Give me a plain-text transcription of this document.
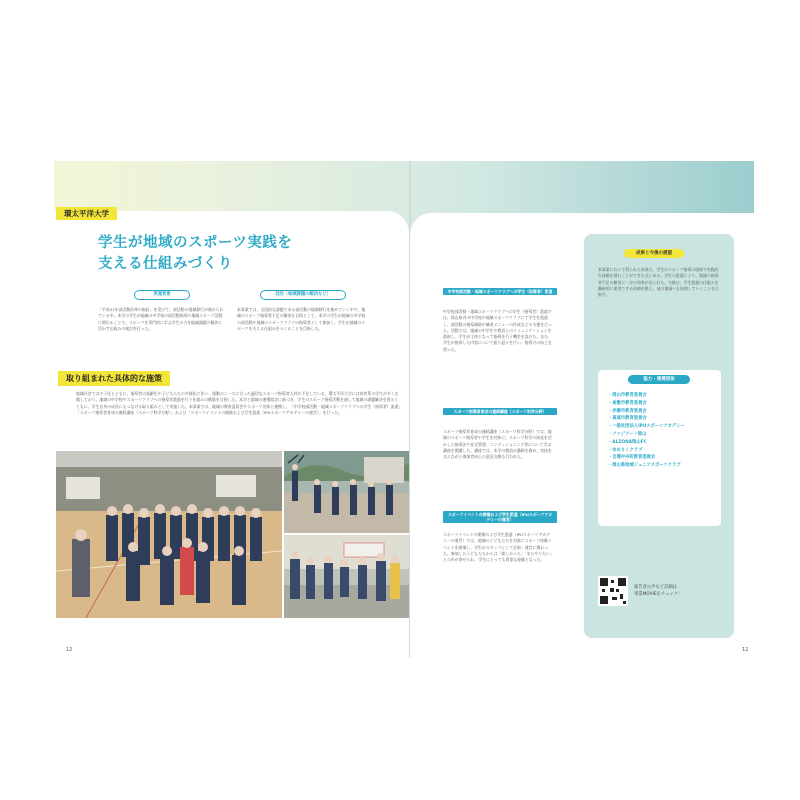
環太平洋大学
学生が地域のスポーツ実践を
支える仕組みづくり
実施背景	目的（地域課題の解決など）
「平成31年部活動改革の指針」を受けて、部活動の地域移行が進められている中、本学の学生が地域の中学校の部活動指導や地域スポーツ活動に関わることで、スポーツを専門的に学ぶ学生の力を地域課題の解決に活かす仕組みの検討を行った。
本事業では、全国的な課題である部活動の地域移行を進めていく中で、地域のスポーツ指導者不足の解消を目的として、本学の学生が地域の中学校の部活動や地域のスポーツクラブの指導者として参加し、学生が地域のスポーツを支える仕組みをつくることを目指した。
取り組まれた具体的な施策
地域社会では少子化とともに、指導者の高齢化や子どもたちの多様化に伴い、運動のニーズに合った適切なスポーツ指導者人材が不足している。環太平洋大学には体育系の学生が多く在籍しており、地域の中学校やスポーツクラブへの指導者派遣を行う仕組みの構築を目指した。本学と地域の連携協定に基づき、学生のスポーツ指導活動を通して地域の課題解決を図るとともに、学生自身の成長にもつなげる取り組みとして実施した。本事業では、地域の教育委員会やスポーツ団体と連携し、「中学校部活動・地域スポーツクラブへの学生（指導者）派遣」「スポーツ指導者育成の連続講座（スポーツ科学分野）」および「スポーツイベントの開催および学生派遣（IPUスポーツアカデミーの運営）」を行った。
12
中学校部活動・地域スポーツクラブへの学生（指導者）派遣
中学校部活動・地域スポーツクラブへの学生（指導者）派遣では、岡山県内の中学校や地域スポーツクラブにて学生を派遣し、部活動の指導補助や練習メニューの作成などの支援を行った。活動では、地域の中学生や教員とのコミュニケーションを重視し、学生が主体となって指導を行う機会を設けた。また、学生が指導した内容について振り返りを行い、指導力の向上を図った。
スポーツ指導者育成の連続講座（スポーツ科学分野）
スポーツ指導者育成の連続講座（スポーツ科学分野）では、地域のスポーツ指導者や学生を対象に、スポーツ科学の知見を活かした指導法や安全管理、コンディショニング等について学ぶ講座を開講した。講座では、本学の教員が講師を務め、実技を交えながら参加者同士の意見交換も行われた。
スポーツイベントの開催および学生派遣（IPUスポーツアカデミーの運営）
スポーツイベントの開催および学生派遣（IPUスポーツアカデミーの運営）では、地域の子どもたちを対象にスポーツ体験イベントを開催し、学生がスタッフとして企画・運営に携わった。参加した子どもたちからは「楽しかった」「またやりたい」との声が寄せられ、学生にとっても貴重な経験となった。
成果と今後の展望
本事業において得られた成果は、学生がスポーツ指導の現場で実践的な経験を積むことができた点にある。学生の派遣により、地域の指導者不足の解消に一定の効果が見られた。今後は、学生派遣の仕組みを継続的に運用できる体制を整え、他の地域へも展開していくことを目指す。
協力・連携団体
・岡山市教育委員会
・倉敷市教育委員会
・赤磐市教育委員会
・真庭市教育委員会
・一般社団法人IPUスポーツアカデミー
・ファジアーノ岡山
・ALZONA岡山FC
・ゆめりくクラブ
・吉備中央町教育委員会
・岡山県地域ジュニアスポーツクラブ
報告者の声など詳細は
事業MOVIEをチェック！
12
